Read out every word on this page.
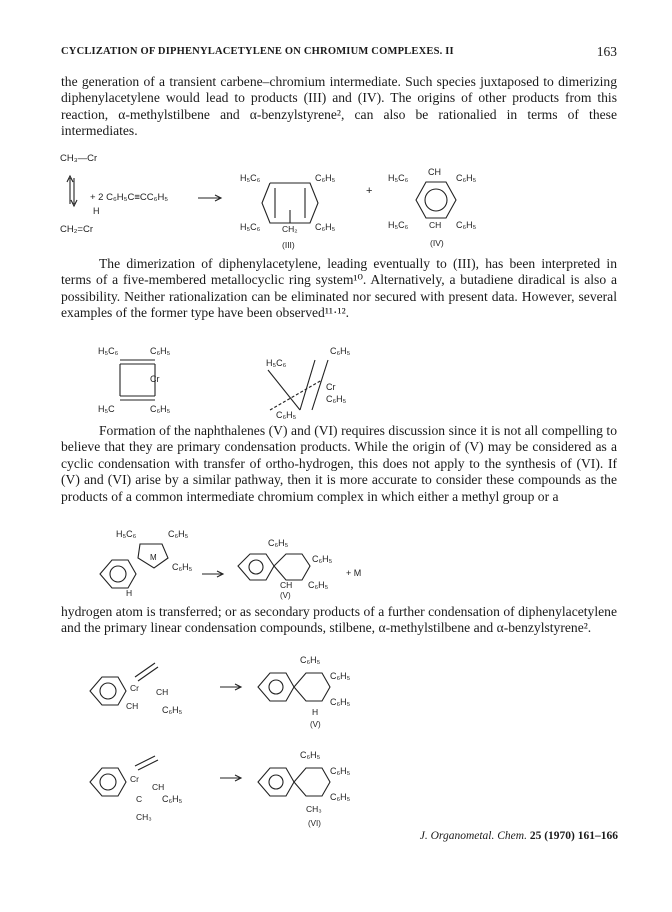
CYCLIZATION OF DIPHENYLACETYLENE ON CHROMIUM COMPLEXES. II	163

the generation of a transient carbene–chromium intermediate. Such species juxtaposed to dimerizing diphenylacetylene would lead to products (III) and (IV). The origins of other products from this reaction, α-methylstilbene and α-benzylstyrene², can also be rationalied in terms of these intermediates.

CH₃—Cr
+ 2 C₆H₅C≡CC₆H₅
H
CH₂=Cr
H₅C₆	C₆H₅
H₅C₆	CH₂ C₆H₅
+
(III)
H₅C₆
CH
C₆H₅
H₅C₆ CH C₆H₅
(IV)

The dimerization of diphenylacetylene, leading eventually to (III), has been interpreted in terms of a five-membered metallocyclic ring system¹⁰. Alternatively, a butadiene diradical is also a possibility. Neither rationalization can be eliminated nor secured with present data. However, several examples of the former type have been observed¹¹·¹².

H₅C₆	C₆H₅
Cr
H₅C	C₆H₅
H₅C₆
C₆H₅
Cr
C₆H₅
C₆H₅

Formation of the naphthalenes (V) and (VI) requires discussion since it is not all compelling to believe that they are primary condensation products. While the origin of (V) may be considered as a cyclic condensation with transfer of ortho-hydrogen, this does not apply to the synthesis of (VI). If (V) and (VI) arise by a similar pathway, then it is more accurate to consider these compounds as the products of a common intermediate chromium complex in which either a methyl group or a

H₅C₆	C₆H₅
M
C₆H₅
H
C₆H₅
C₆H₅
CH C₆H₅
+ M
(V)

hydrogen atom is transferred; or as secondary products of a further condensation of diphenylacetylene and the primary linear condensation compounds, stilbene, α-methylstilbene and α-benzylstyrene².

Cr CH
CH	C₆H₅
C₆H₅
C₆H₅
C₆H₅
H
(V)
Cr
CH
C
CH₃
C₆H₅
C₆H₅
C₆H₅
C₆H₅
CH₃
(VI)
J. Organometal. Chem. 25 (1970) 161–166
